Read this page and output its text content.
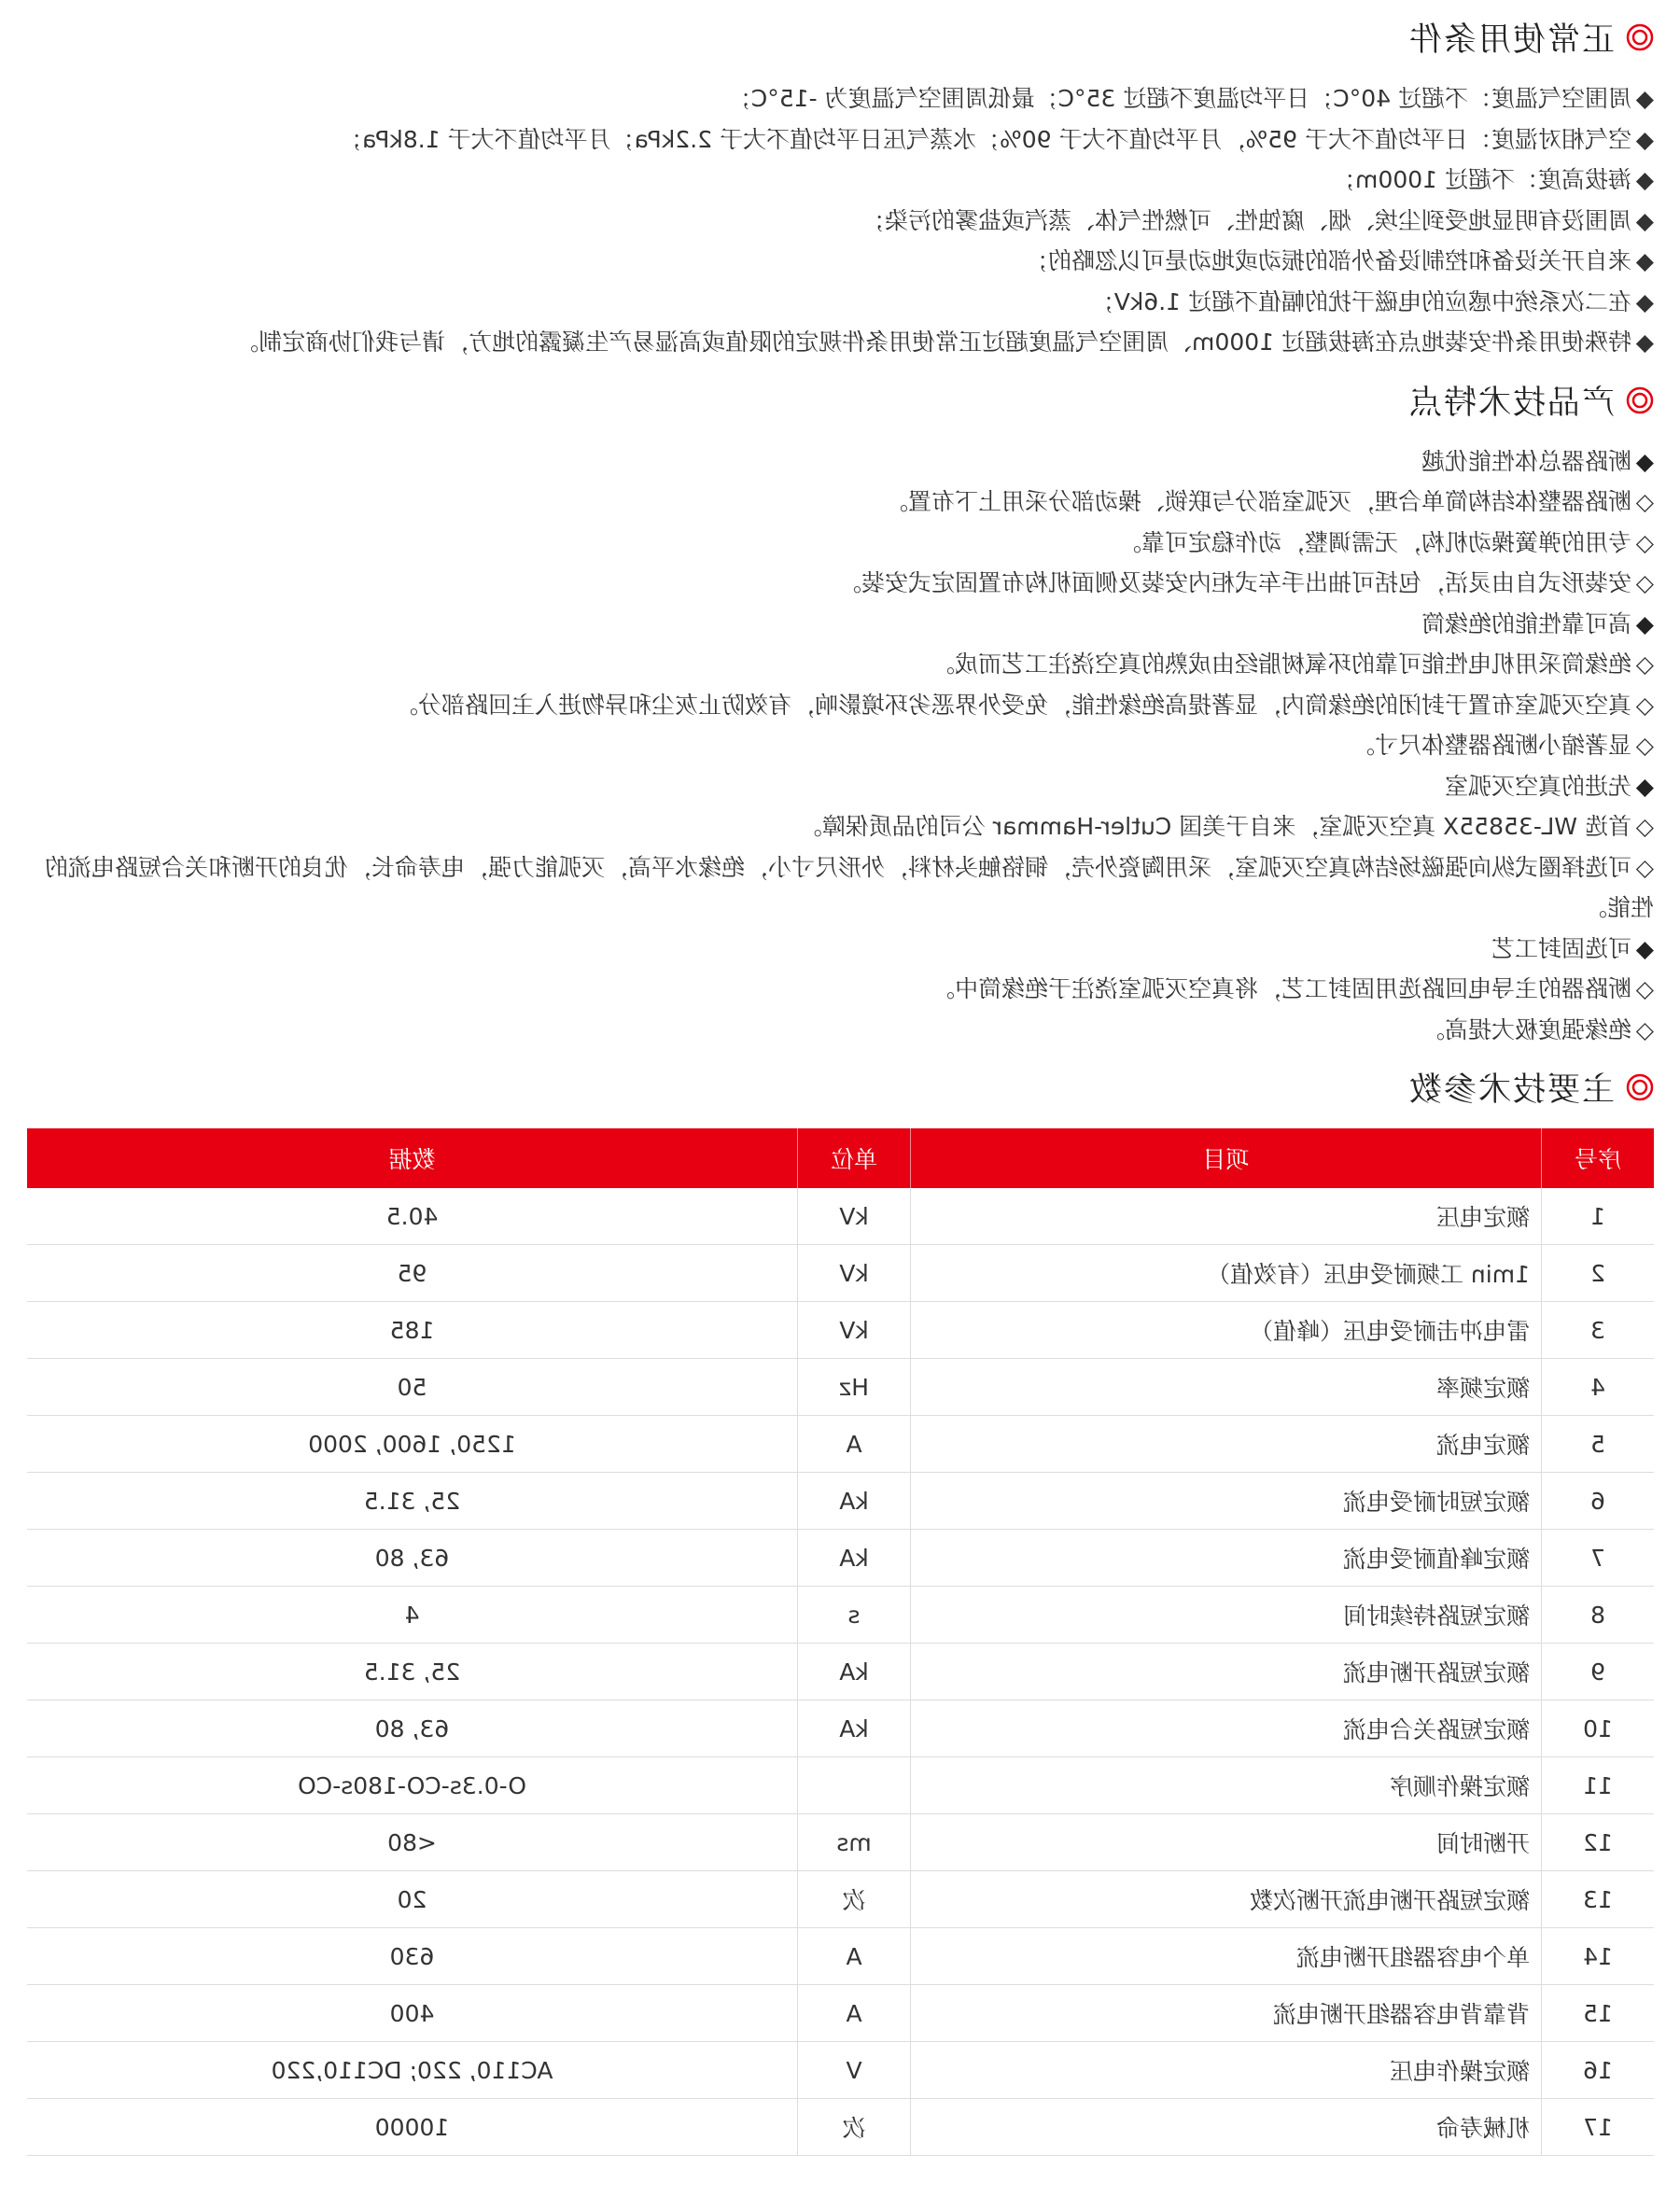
正常使用条件
◆周围空气温度：不超过 40°C；日平均温度不超过 35°C；最低周围空气温度为 -15°C；
◆空气相对湿度：日平均值不大于 95%，月平均值不大于 90%；水蒸气压日平均值不大于 2.2kPa；月平均值不大于 1.8kPa；
◆海拔高度：不超过 1000m；
◆周围没有明显地受到尘埃、烟、腐蚀性、可燃性气体、蒸汽或盐雾的污染；
◆来自开关设备和控制设备外部的振动或地动是可以忽略的；
◆在二次系统中感应的电磁干扰的幅值不超过 1.6kV；
◆特殊使用条件安装地点在海拔超过 1000m、周围空气温度超过正常使用条件规定的限值或高湿易产生凝露的地方，请与我们协商定制。
产品技术特点
◆断路器总体性能优越
◇断路器整体结构简单合理，灭弧室部分与联锁、操动部分采用上下布置。
◇专用的弹簧操动机构，无需调整，动作稳定可靠。
◇安装形式自由灵活，包括可抽出手车式柜内安装及侧面机构布置固定式安装。
◆高可靠性能的绝缘筒
◇绝缘筒采用机电性能可靠的环氧树脂经由成熟的真空浇注工艺而成。
◇真空灭弧室布置于封闭的绝缘筒内，显著提高绝缘性能，免受外界恶劣环境影响，有效防止灰尘和异物进入主回路部分。
◇显著缩小断路器整体尺寸。
◆先进的真空灭弧室
◇首选 WL-35855X 真空灭弧室，来自于美国 Cutler-Hammar 公司的品质保障。
◇可选择圈式纵向强磁场结构真空灭弧室，采用陶瓷外壳，铜铬触头材料，外形尺寸小，绝缘水平高，灭弧能力强，电寿命长，优良的开断和关合短路电流的性能。
◆可选固封工艺
◇断路器的主导电回路选用固封工艺，将真空灭弧室浇注于绝缘筒中。
◇绝缘强度极大提高。
主要技术参数
序号	项目	单位	数据
1	额定电压	kV	40.5
2	1min 工频耐受电压（有效值）	kV	95
3	雷电冲击耐受电压（峰值）	kV	185
4	额定频率	Hz	50
5	额定电流	A	1250, 1600, 2000
6	额定短时耐受电流	kA	25, 31.5
7	额定峰值耐受电流	kA	63, 80
8	额定短路持续时间	s	4
9	额定短路开断电流	kA	25, 31.5
10	额定短路关合电流	kA	63, 80
11	额定操作顺序		O-0.3s-CO-180s-CO
12	开断时间	ms	<80
13	额定短路开断电流开断次数	次	20
14	单个电容器组开断电流	A	630
15	背靠背电容器组开断电流	A	400
16	额定操作电压	V	AC110, 220; DC110,220
17	机械寿命	次	10000
